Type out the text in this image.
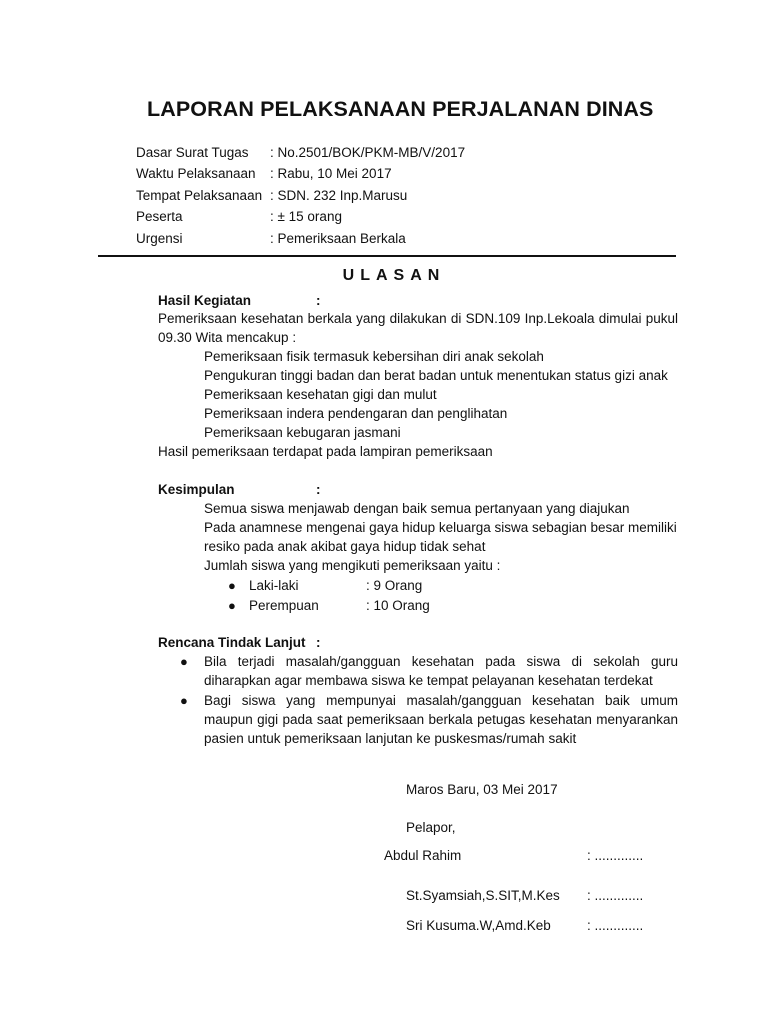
LAPORAN PELAKSANAAN PERJALANAN DINAS
Dasar Surat Tugas : No.2501/BOK/PKM-MB/V/2017
Waktu Pelaksanaan : Rabu, 10 Mei 2017
Tempat Pelaksanaan : SDN. 232 Inp.Marusu
Peserta	: ± 15 orang
Urgensi	: Pemeriksaan Berkala
ULASAN
Hasil Kegiatan	:
Pemeriksaan kesehatan berkala yang dilakukan di SDN.109 Inp.Lekoala dimulai pukul 09.30 Wita mencakup :
Pemeriksaan fisik termasuk kebersihan diri anak sekolah
Pengukuran tinggi badan dan berat badan untuk menentukan status gizi anak
Pemeriksaan kesehatan gigi dan mulut
Pemeriksaan indera pendengaran dan penglihatan
Pemeriksaan kebugaran jasmani
Hasil pemeriksaan terdapat pada lampiran pemeriksaan
Kesimpulan	:
Semua siswa menjawab dengan baik semua pertanyaan yang diajukan
Pada anamnese mengenai gaya hidup keluarga siswa sebagian besar memiliki resiko pada anak akibat gaya hidup tidak sehat
Jumlah siswa yang mengikuti pemeriksaan yaitu :
● Laki-laki	: 9 Orang
● Perempuan	: 10 Orang
Rencana Tindak Lanjut :
● Bila terjadi masalah/gangguan kesehatan pada siswa di sekolah guru diharapkan agar membawa siswa ke tempat pelayanan kesehatan terdekat
● Bagi siswa yang mempunyai masalah/gangguan kesehatan baik umum maupun gigi pada saat pemeriksaan berkala petugas kesehatan menyarankan pasien untuk pemeriksaan lanjutan ke puskesmas/rumah sakit
Maros Baru, 03 Mei 2017
Pelapor,
Abdul Rahim	: .............
St.Syamsiah,S.SIT,M.Kes : .............
Sri Kusuma.W,Amd.Keb	: .............
